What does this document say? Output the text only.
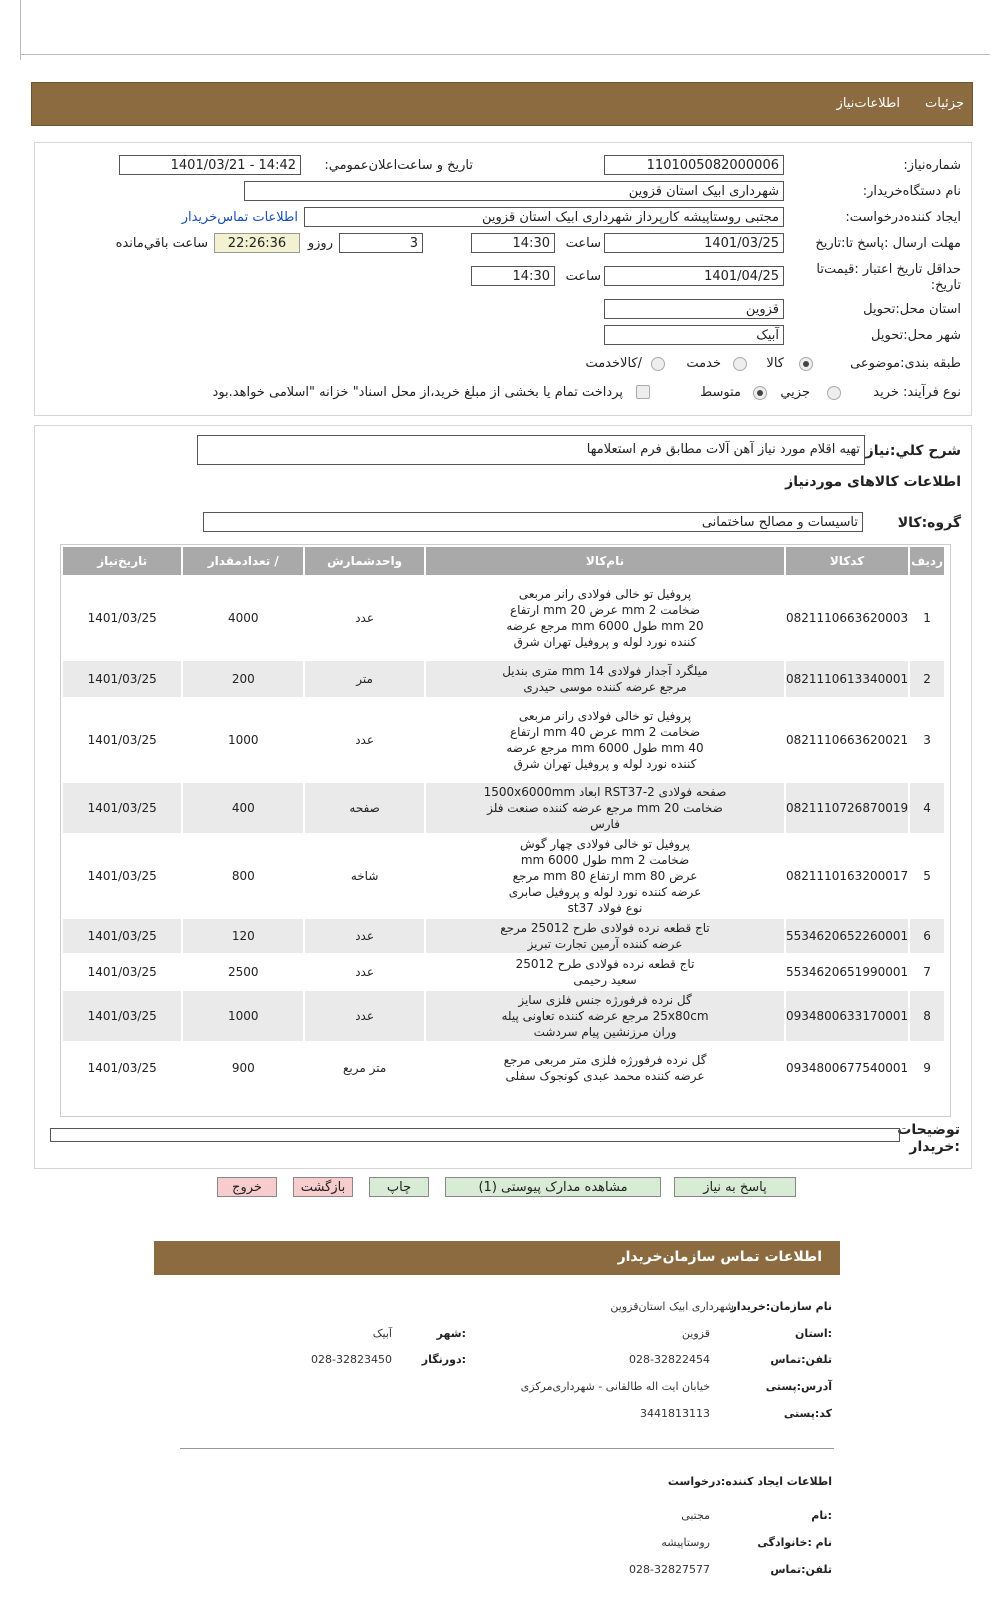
جزئیات
اطلاعات‌نیاز
شماره‌نیاز:
1101005082000006
تاریخ و ساعت‌اعلان‌عمومي:
1401/03/21 - 14:42
نام دستگاه‌خریدار:
شهرداری ابیک استان قزوین
ایجاد کننده‌درخواست:
مجتبی روستاپیشه کارپرداز شهرداری ابیک استان قزوین
اطلاعات تماس‌خریدار
مهلت ارسال :پاسخ تا:تاریخ
1401/03/25
ساعت
14:30
3
روزو
22:26:36
ساعت باقي‌مانده
حداقل تاریخ اعتبار :قیمت‌تا تاریخ:
1401/04/25
ساعت
14:30
استان محل:تحویل
قزوین
شهر محل:تحویل
آبیک
طبقه بندی:موضوعی
کالا
خدمت
/کالاخدمت
نوع فرآیند: خرید
جزيي
متوسط
پرداخت تمام یا بخشی از مبلغ خرید،از محل اسناد" خزانه "اسلامی خواهد.بود
شرح کلي:نیاز
تهیه اقلام مورد نیاز آهن آلات مطابق فرم استعلامها
اطلاعات کالاهای موردنیاز
گروه:کالا
تاسیسات و مصالح ساختمانی
ردیف	کدکالا	نام‌کالا	واحدشمارش	/ تعدادمقدار	تاریخ‌نیاز
1	0821110663620003	پروفیل تو خالی فولادی رانر مربعی ضخامت 2 mm عرض 20 mm ارتفاع 20 mm طول 6000 mm مرجع عرضه کننده نورد لوله و پروفیل تهران شرق	عدد	4000	1401/03/25
2	0821110613340001	میلگرد آجدار فولادی 14 mm متری بندیل مرجع عرضه کننده موسی حیدری	متر	200	1401/03/25
3	0821110663620021	پروفیل تو خالی فولادی رانر مربعی ضخامت 2 mm عرض 40 mm ارتفاع 40 mm طول 6000 mm مرجع عرضه کننده نورد لوله و پروفیل تهران شرق	عدد	1000	1401/03/25
4	0821110726870019	صفحه فولادی RST37-2 ابعاد 1500x6000mm ضخامت 20 mm مرجع عرضه کننده صنعت فلز فارس	صفحه	400	1401/03/25
5	0821110163200017	پروفیل تو خالی فولادی چهار گوش ضخامت 2 mm طول 6000 mm عرض 80 mm ارتفاع 80 mm مرجع عرضه کننده نورد لوله و پروفیل صابری نوع فولاد st37	شاخه	800	1401/03/25
6	5534620652260001	تاج قطعه نرده فولادی طرح 25012 مرجع عرضه کننده آرمین تجارت تبریز	عدد	120	1401/03/25
7	5534620651990001	تاج قطعه نرده فولادی طرح 25012 سعید رحیمی	عدد	2500	1401/03/25
8	0934800633170001	گل نرده فرفورژه جنس فلزی سایز 25x80cm مرجع عرضه کننده تعاونی پیله وران مرزنشین پیام سردشت	عدد	1000	1401/03/25
9	0934800677540001	گل نرده فرفورژه فلزی متر مربعی مرجع عرضه کننده محمد عبدی کونجوک سفلی	متر مربع	900	1401/03/25
توضیحات :خریدار
پاسخ به نیاز
مشاهده مدارک پیوستی (1)
چاپ
بازگشت
خروج
اطلاعات تماس سازمان‌خریدار
نام سازمان:خریدار
شهرداری ابیک استان‌قزوین
:استان
قزوین
:شهر
آبیک
تلفن:تماس
028-32822454
:دورنگار
028-32823450
آدرس:پستی
خیابان ایت اله طالقانی - شهرداری‌مرکزی
کد:پستی
3441813113
اطلاعات ایجاد کننده:درخواست
:نام
مجتبی
نام :خانوادگی
روستاپیشه
تلفن:تماس
028-32827577
